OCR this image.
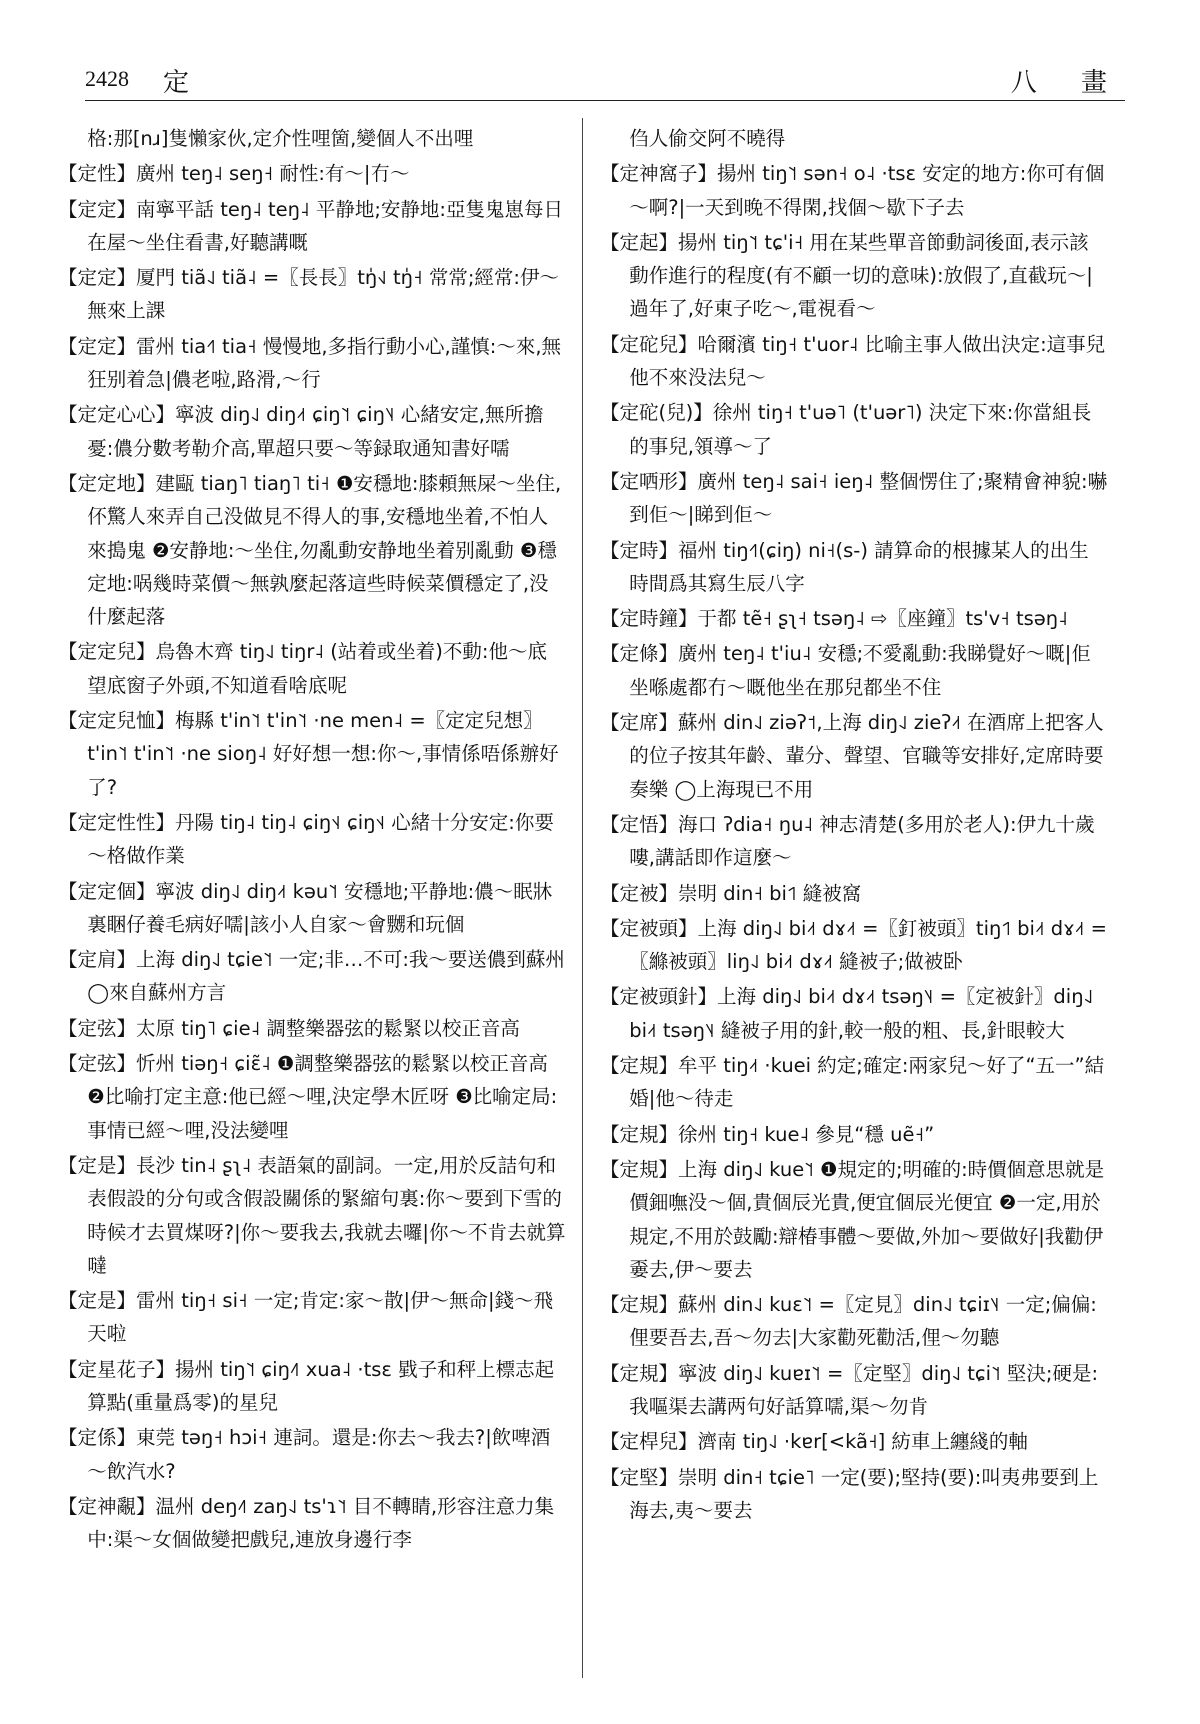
2428 定	八 畫

格:那[nɹ]隻懶家伙,定介性哩箇,變個人不出哩

【定性】廣州 teŋ˨ seŋ˧ 耐性:有～|冇～

【定定】南寧平話 teŋ˨ teŋ˨ 平静地;安静地:亞隻鬼崽每日在屋～坐住看書,好聽講嘅

【定定】厦門 tiã˨˩ tiã˨ =〖長長〗tŋ̍˧˩ tŋ̍˧ 常常;經常:伊～無來上課

【定定】雷州 tia˧˥ tia˧ 慢慢地,多指行動小心,謹慎:～來,無狂别着急|儂老啦,路滑,～行

【定定心心】寧波 diŋ˨˩ diŋ˨˦ ɕiŋ˥˦ ɕiŋ˥˨ 心緒安定,無所擔憂:儂分數考勒介高,單超只要～等録取通知書好嚅

【定定地】建甌 tiaŋ˥ tiaŋ˥ ti˧ ❶安穩地:膝頼無屎～坐住,伓驚人來弄自己没做見不得人的事,安穩地坐着,不怕人來搗鬼 ❷安静地:～坐住,勿亂動安静地坐着别亂動 ❸穩定地:㖞幾時菜價～無孰麼起落這些時候菜價穩定了,没什麼起落

【定定兒】烏魯木齊 tiŋ˨˩ tiŋr˨ (站着或坐着)不動:他～底望底窗子外頭,不知道看啥底呢

【定定兒恤】梅縣 t'in˥˦ t'in˥˦ ·ne men˨ =〖定定兒想〗t'in˥˦ t'in˥˦ ·ne sioŋ˨ 好好想一想:你～,事情係唔係辦好了?

【定定性性】丹陽 tiŋ˨ tiŋ˨ ɕiŋ˦˨ ɕiŋ˦˨ 心緒十分安定:你要～格做作業

【定定個】寧波 diŋ˨˩ diŋ˨˦ kəu˥˦ 安穩地;平静地:儂～眠牀裏睏仔養毛病好嚅|該小人自家～會嬲和玩個

【定肩】上海 diŋ˨˩ tɕie˥˦ 一定;非…不可:我～要送儂到蘇州 ◯來自蘇州方言

【定弦】太原 tiŋ˥ ɕie˨ 調整樂器弦的鬆緊以校正音高

【定弦】忻州 tiəŋ˧ ɕiɛ̃˨ ❶調整樂器弦的鬆緊以校正音高 ❷比喻打定主意:他已經～哩,決定學木匠呀 ❸比喻定局:事情已經～哩,没法變哩

【定是】長沙 tin˨ ʂʅ˨ 表語氣的副詞。一定,用於反詰句和表假設的分句或含假設關係的緊縮句裏:你～要到下雪的時候才去買煤呀?|你～要我去,我就去囉|你～不肯去就算噠

【定是】雷州 tiŋ˧ si˧ 一定;肯定:家～散|伊～無命|錢～飛天啦

【定星花子】揚州 tiŋ˥˦ ɕiŋ˨˥ xua˨ ·tsɛ 戥子和秤上標志起算點(重量爲零)的星兒

【定係】東莞 təŋ˧ hɔi˧ 連詞。還是:你去～我去?|飲啤酒～飲汽水?

【定神覶】温州 deŋ˨˥ zaŋ˨˩ ts'ɿ˥˦ 目不轉睛,形容注意力集中:渠～女個做變把戲兒,連放身邊行李

㑇人偷交阿不曉得

【定神窩子】揚州 tiŋ˥˦ sən˧ o˨ ·tsɛ 安定的地方:你可有個～啊?|一天到晚不得閑,找個～歇下子去

【定起】揚州 tiŋ˥˦ tɕ'i˧ 用在某些單音節動詞後面,表示該動作進行的程度(有不顧一切的意味):放假了,直截玩～|過年了,好東子吃～,電視看～

【定砣兒】哈爾濱 tiŋ˧ t'uor˨ 比喻主事人做出決定:這事兒他不來没法兒～

【定砣(兒)】徐州 tiŋ˧ t'uə˥ (t'uər˥) 決定下來:你當組長的事兒,領導～了

【定哂形】廣州 teŋ˨ sai˧ ieŋ˨ 整個愣住了;聚精會神貌:嚇到佢～|睇到佢～

【定時】福州 tiŋ˧˥(ɕiŋ) ni˧(s-) 請算命的根據某人的出生時間爲其寫生辰八字

【定時鐘】于都 tẽ˧ ʂʅ˧ tsəŋ˨ ⇨〖座鐘〗ts'v˧ tsəŋ˨

【定條】廣州 teŋ˨ t'iu˨ 安穩;不愛亂動:我睇覺好～嘅|佢坐喺處都冇～嘅他坐在那兒都坐不住

【定席】蘇州 din˨˩ ziəʔ˦,上海 diŋ˨˩ zieʔ˨˦ 在酒席上把客人的位子按其年齡、輩分、聲望、官職等安排好,定席時要奏樂 ◯上海現已不用

【定悟】海口 ʔdia˧ ŋu˨ 神志清楚(多用於老人):伊九十歲嘍,講話即作這麼～

【定被】崇明 din˧ bi˦˥ 縫被窩

【定被頭】上海 diŋ˨˩ bi˨˦ dɤ˨˦ =〖釘被頭〗tiŋ˦˥ bi˨˦ dɤ˨˦ =〖縧被頭〗liŋ˨˩ bi˨˦ dɤ˨˦ 縫被子;做被卧

【定被頭針】上海 diŋ˨˩ bi˨˦ dɤ˨˦ tsəŋ˥˨ =〖定被針〗diŋ˨˩ bi˨˦ tsəŋ˥˨ 縫被子用的針,較一般的粗、長,針眼較大

【定規】牟平 tiŋ˨˦ ·kuei 約定;確定:兩家兒～好了“五一”結婚|他～待走

【定規】徐州 tiŋ˧ kue˨ 參見“穩 uẽ˧”

【定規】上海 diŋ˨˩ kue˥˦ ❶規定的;明確的:時價個意思就是價鈿嘸没～個,貴個辰光貴,便宜個辰光便宜 ❷一定,用於規定,不用於鼓勵:辯椿事體～要做,外加～要做好|我勸伊嫑去,伊～要去

【定規】蘇州 din˨˩ kuɛ˥˦ =〖定見〗din˨˩ tɕiɪ˥˨ 一定;偏偏:俚要吾去,吾～勿去|大家勸死勸活,俚～勿聽

【定規】寧波 diŋ˨˩ kuɐɪ˥˦ =〖定堅〗diŋ˨˩ tɕi˥˦ 堅決;硬是:我嘔渠去講两句好話算嚅,渠～勿肯

【定桿兒】濟南 tiŋ˨˩ ·kɐr[<kã˧] 紡車上纏綫的軸

【定堅】崇明 din˧ tɕie˥ 一定(要);堅持(要):叫夷弗要到上海去,夷～要去
